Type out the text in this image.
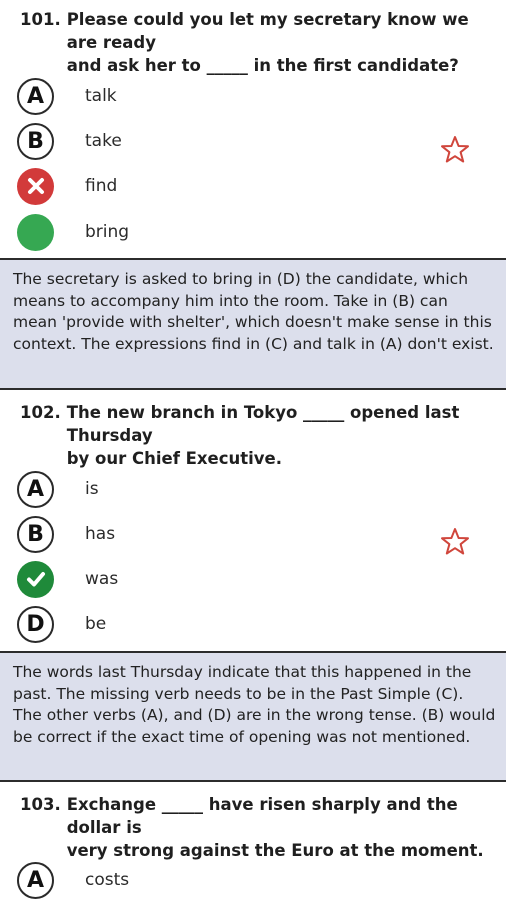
101. Please could you let my secretary know we are ready
and ask her to _____ in the first candidate?
A	talk
B	take
find
bring
The secretary is asked to bring in (D) the candidate, which means to accompany him into the room. Take in (B) can mean 'provide with shelter', which doesn't make sense in this context. The expressions find in (C) and talk in (A) don't exist.
102. The new branch in Tokyo _____ opened last Thursday
by our Chief Executive.
A	is
B	has
was
D	be
The words last Thursday indicate that this happened in the past. The missing verb needs to be in the Past Simple (C). The other verbs (A), and (D) are in the wrong tense. (B) would be correct if the exact time of opening was not mentioned.
103. Exchange _____ have risen sharply and the dollar is
very strong against the Euro at the moment.
A	costs
